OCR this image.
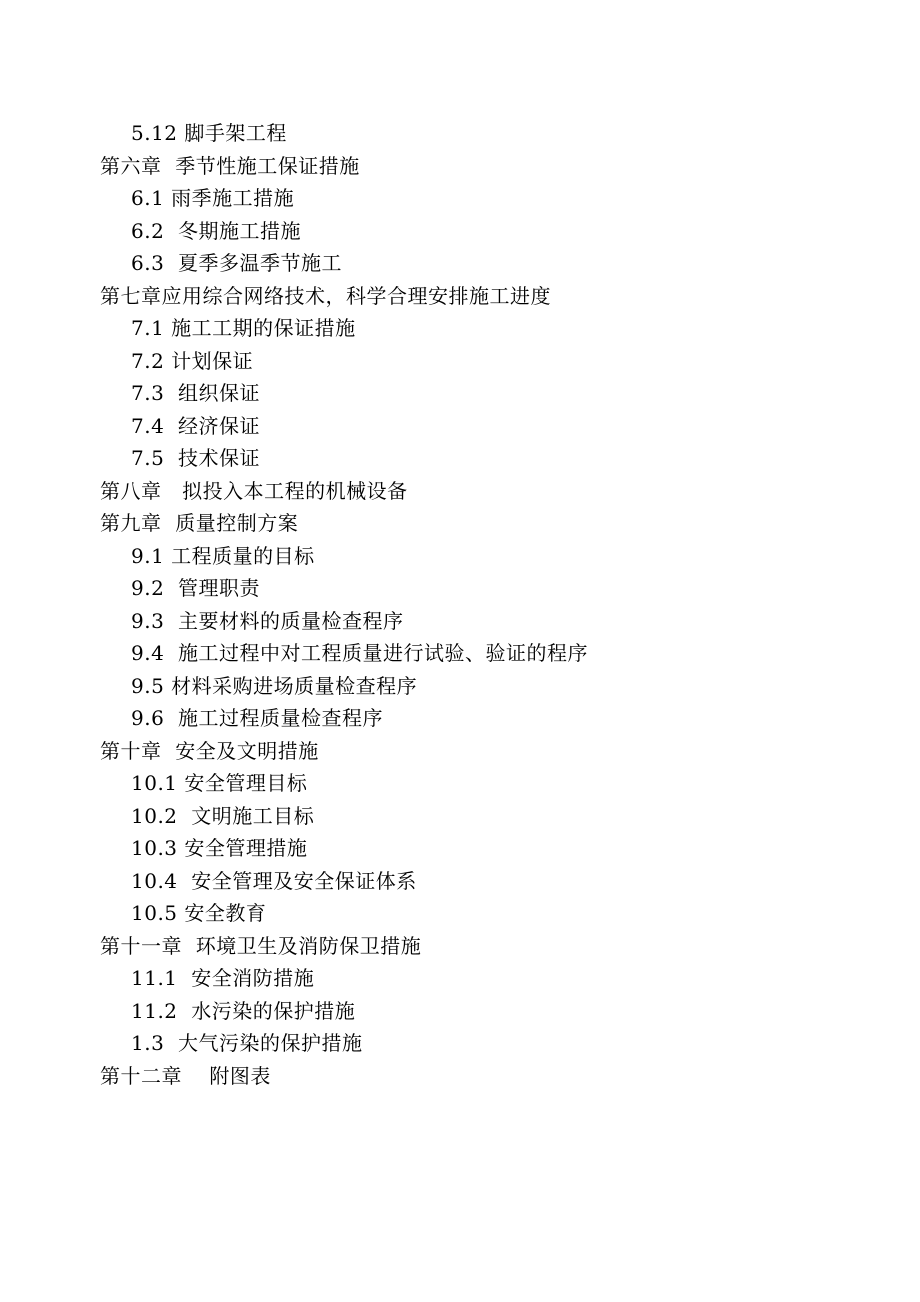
5.12 脚手架工程
第六章  季节性施工保证措施
6.1 雨季施工措施
6.2  冬期施工措施
6.3  夏季多温季节施工
第七章应用综合网络技术，科学合理安排施工进度
7.1 施工工期的保证措施
7.2 计划保证
7.3  组织保证
7.4  经济保证
7.5  技术保证
第八章   拟投入本工程的机械设备
第九章  质量控制方案
9.1 工程质量的目标
9.2  管理职责
9.3  主要材料的质量检查程序
9.4  施工过程中对工程质量进行试验、验证的程序
9.5 材料采购进场质量检查程序
9.6  施工过程质量检查程序
第十章  安全及文明措施
10.1 安全管理目标
10.2  文明施工目标
10.3 安全管理措施
10.4  安全管理及安全保证体系
10.5 安全教育
第十一章  环境卫生及消防保卫措施
11.1  安全消防措施
11.2  水污染的保护措施
1.3  大气污染的保护措施
第十二章    附图表
